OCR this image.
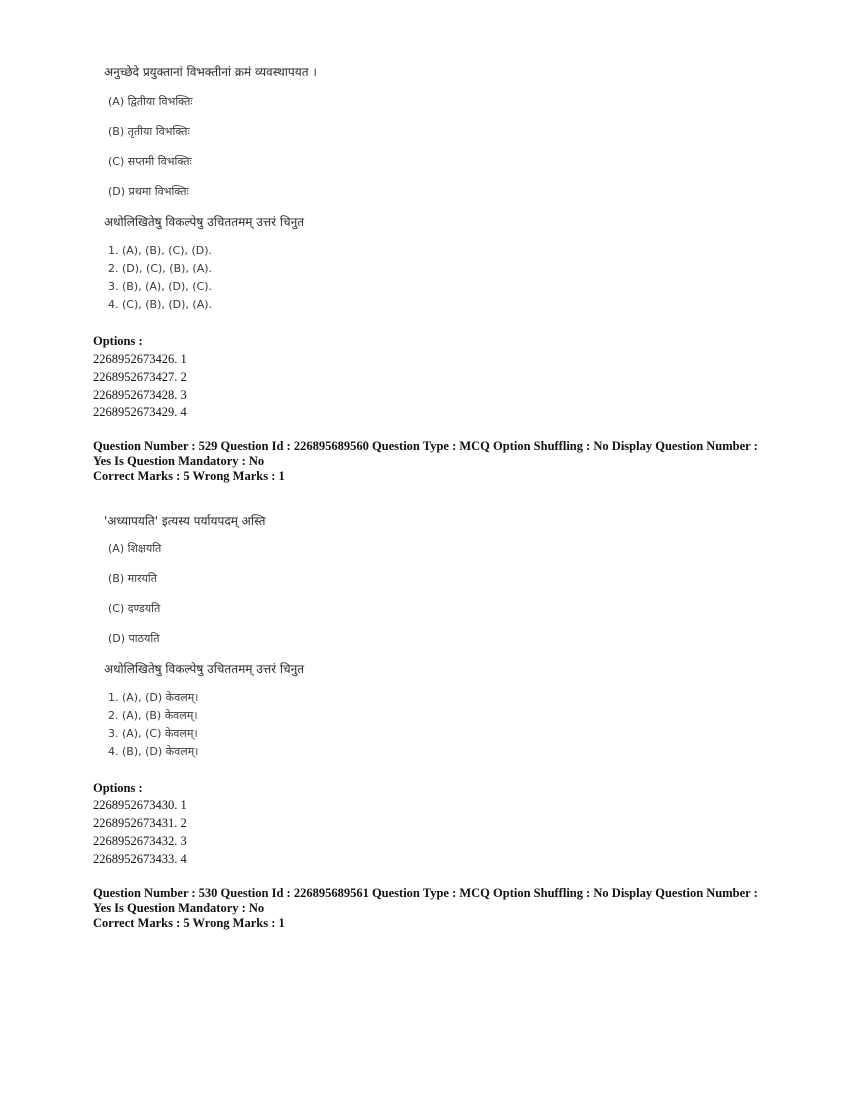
अनुच्छेदे प्रयुक्तानां विभक्तीनां क्रमं व्यवस्थापयत ।
(A) द्वितीया विभक्तिः
(B) तृतीया विभक्तिः
(C) सप्तमी विभक्तिः
(D) प्रथमा विभक्तिः
अधोलिखितेषु विकल्पेषु उचिततमम् उत्तरं चिनुत
1. (A), (B), (C), (D).
2. (D), (C), (B), (A).
3. (B), (A), (D), (C).
4. (C), (B), (D), (A).
Options :
2268952673426. 1
2268952673427. 2
2268952673428. 3
2268952673429. 4
Question Number : 529 Question Id : 226895689560 Question Type : MCQ Option Shuffling : No Display Question Number : Yes Is Question Mandatory : No
Correct Marks : 5 Wrong Marks : 1
'अध्यापयति' इत्यस्य पर्यायपदम् अस्ति
(A) शिक्षयति
(B) मारयति
(C) दण्डयति
(D) पाठयति
अधोलिखितेषु विकल्पेषु उचिततमम् उत्तरं चिनुत
1. (A), (D) केवलम्।
2. (A), (B) केवलम्।
3. (A), (C) केवलम्।
4. (B), (D) केवलम्।
Options :
2268952673430. 1
2268952673431. 2
2268952673432. 3
2268952673433. 4
Question Number : 530 Question Id : 226895689561 Question Type : MCQ Option Shuffling : No Display Question Number : Yes Is Question Mandatory : No
Correct Marks : 5 Wrong Marks : 1
